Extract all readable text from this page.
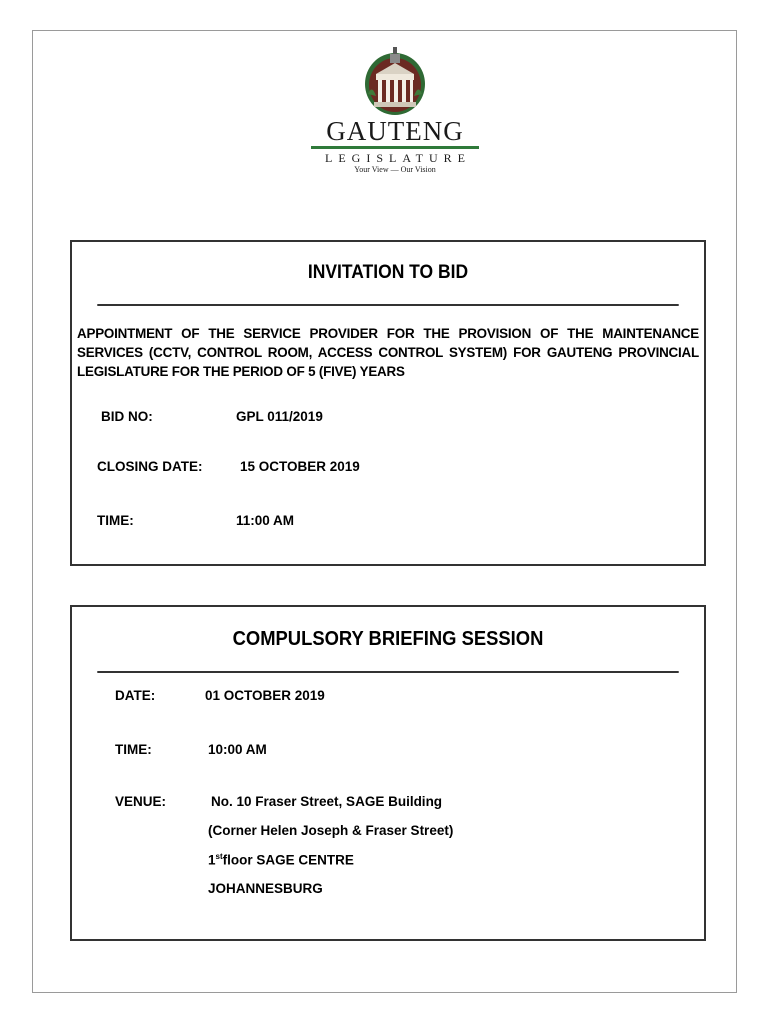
GAUTENG
LEGISLATURE
Your View — Our Vision
INVITATION TO BID
APPOINTMENT OF THE SERVICE PROVIDER FOR THE PROVISION OF THE MAINTENANCE SERVICES (CCTV, CONTROL ROOM, ACCESS CONTROL SYSTEM) FOR GAUTENG PROVINCIAL LEGISLATURE FOR THE PERIOD OF 5 (FIVE) YEARS
BID NO:	GPL 011/2019
CLOSING DATE:	15 OCTOBER 2019
TIME:	11:00 AM
COMPULSORY BRIEFING SESSION
DATE:	01 OCTOBER 2019
TIME:	10:00 AM
VENUE:	No. 10 Fraser Street, SAGE Building
(Corner Helen Joseph & Fraser Street)
1stfloor SAGE CENTRE
JOHANNESBURG
